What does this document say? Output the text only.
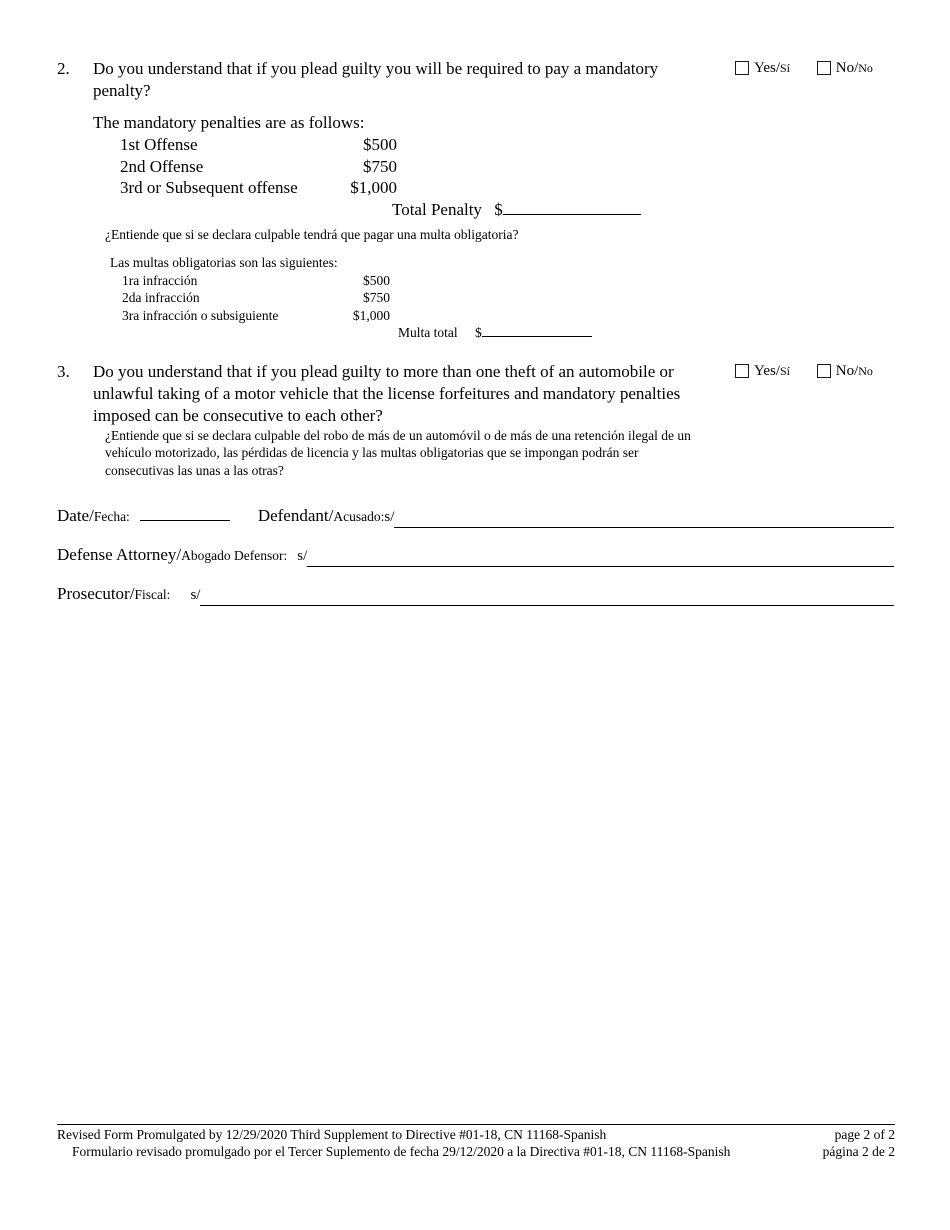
2.	Yes/Sí
	No/No
Do you understand that if you plead guilty you will be required to pay a mandatory penalty?
The mandatory penalties are as follows:
1st Offense	$500
2nd Offense	$750
3rd or Subsequent offense	$1,000
Total Penalty $
¿Entiende que si se declara culpable tendrá que pagar una multa obligatoria?
Las multas obligatorias son las siguientes:
1ra infracción	$500
2da infracción	$750
3ra infracción o subsiguiente	$1,000
Multa total $
3.	Yes/Sí
	No/No
Do you understand that if you plead guilty to more than one theft of an automobile or unlawful taking of a motor vehicle that the license forfeitures and mandatory penalties imposed can be consecutive to each other?
¿Entiende que si se declara culpable del robo de más de un automóvil o de más de una retención ilegal de un vehículo motorizado, las pérdidas de licencia y las multas obligatorias que se impongan podrán ser consecutivas las unas a las otras?
Date/ Fecha:	Defendant/ Acusado: s/
Defense Attorney/ Abogado Defensor: s/
Prosecutor/ Fiscal: s/
Revised Form Promulgated by 12/29/2020 Third Supplement to Directive #01-18, CN 11168-Spanish	page 2 of 2
Formulario revisado promulgado por el Tercer Suplemento de fecha 29/12/2020 a la Directiva #01-18, CN 11168-Spanish	página 2 de 2
